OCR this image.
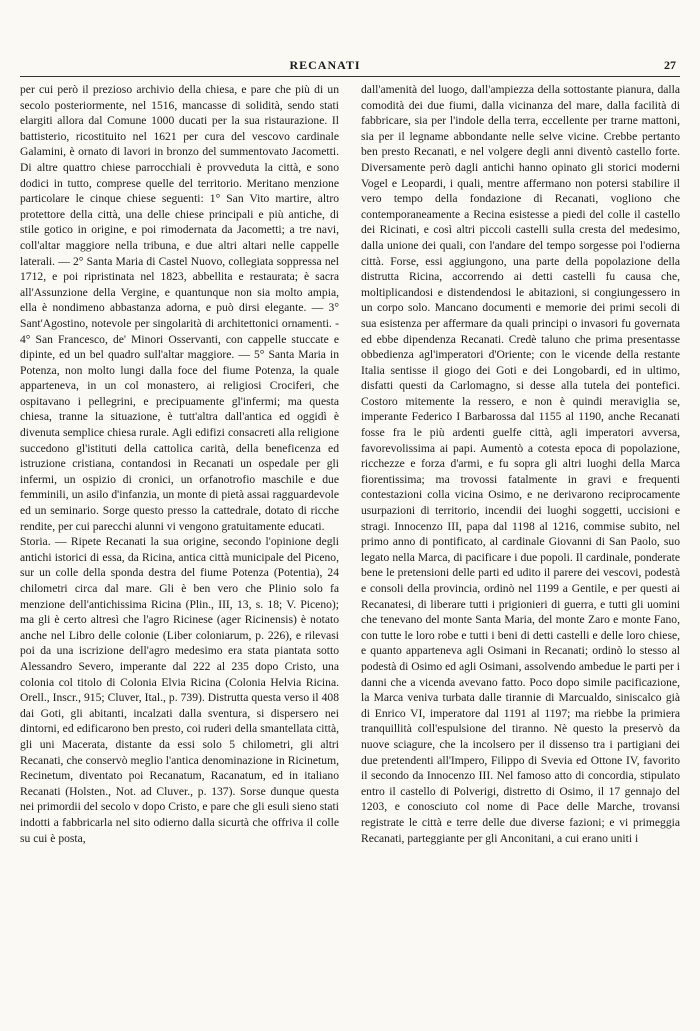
RECANATI	27

per cui però il prezioso archivio della chiesa, e pare che più di un secolo posteriormente, nel 1516, mancasse di solidità, sendo stati elargiti allora dal Comune 1000 ducati per la sua ristaurazione. Il battisterio, ricostituito nel 1621 per cura del vescovo cardinale Galamini, è ornato di lavori in bronzo del summentovato Jacometti. Di altre quattro chiese parrocchiali è provveduta la città, e sono dodici in tutto, comprese quelle del territorio. Meritano menzione particolare le cinque chiese seguenti: 1° San Vito martire, altro protettore della città, una delle chiese principali e più antiche, di stile gotico in origine, e poi rimodernata da Jacometti; a tre navi, coll'altar maggiore nella tribuna, e due altri altari nelle cappelle laterali. — 2° Santa Maria di Castel Nuovo, collegiata soppressa nel 1712, e poi ripristinata nel 1823, abbellita e restaurata; è sacra all'Assunzione della Vergine, e quantunque non sia molto ampia, ella è nondimeno abbastanza adorna, e può dirsi elegante. — 3° Sant'Agostino, notevole per singolarità di architettonici ornamenti. - 4° San Francesco, de' Minori Osservanti, con cappelle stuccate e dipinte, ed un bel quadro sull'altar maggiore. — 5° Santa Maria in Potenza, non molto lungi dalla foce del fiume Potenza, la quale apparteneva, in un col monastero, ai religiosi Crociferi, che ospitavano i pellegrini, e precipuamente gl'infermi; ma questa chiesa, tranne la situazione, è tutt'altra dall'antica ed oggidì è divenuta semplice chiesa rurale. Agli edifizi consacreti alla religione succedono gl'istituti della cattolica carità, della beneficenza ed istruzione cristiana, contandosi in Recanati un ospedale per gli infermi, un ospizio di cronici, un orfanotrofio maschile e due femminili, un asilo d'infanzia, un monte di pietà assai ragguardevole ed un seminario. Sorge questo presso la cattedrale, dotato di ricche rendite, per cui parecchi alunni vi vengono gratuitamente educati.

Storia. — Ripete Recanati la sua origine, secondo l'opinione degli antichi istorici di essa, da Ricina, antica città municipale del Piceno, sur un colle della sponda destra del fiume Potenza (Potentia), 24 chilometri circa dal mare. Gli è ben vero che Plinio solo fa menzione dell'antichissima Ricina (Plin., III, 13, s. 18; V. Piceno); ma gli è certo altresì che l'agro Ricinese (ager Ricinensis) è notato anche nel Libro delle colonie (Liber coloniarum, p. 226), e rilevasi poi da una iscrizione dell'agro medesimo era stata piantata sotto Alessandro Severo, imperante dal 222 al 235 dopo Cristo, una colonia col titolo di Colonia Elvia Ricina (Colonia Helvia Ricina. Orell., Inscr., 915; Cluver, Ital., p. 739). Distrutta questa verso il 408 dai Goti, gli abitanti, incalzati dalla sventura, si dispersero nei dintorni, ed edificarono ben presto, coi ruderi della smantellata città, gli uni Macerata, distante da essi solo 5 chilometri, gli altri Recanati, che conservò meglio l'antica denominazione in Ricinetum, Recinetum, diventato poi Recanatum, Racanatum, ed in italiano Recanati (Holsten., Not. ad Cluver., p. 137). Sorse dunque questa nei primordii del secolo v dopo Cristo, e pare che gli esuli sieno stati indotti a fabbricarla nel sito odierno dalla sicurtà che offriva il colle su cui è posta,

dall'amenità del luogo, dall'ampiezza della sottostante pianura, dalla comodità dei due fiumi, dalla vicinanza del mare, dalla facilità di fabbricare, sia per l'indole della terra, eccellente per trarne mattoni, sia per il legname abbondante nelle selve vicine. Crebbe pertanto ben presto Recanati, e nel volgere degli anni diventò castello forte. Diversamente però dagli antichi hanno opinato gli storici moderni Vogel e Leopardi, i quali, mentre affermano non potersi stabilire il vero tempo della fondazione di Recanati, vogliono che contemporaneamente a Recina esistesse a piedi del colle il castello dei Ricinati, e così altri piccoli castelli sulla cresta del medesimo, dalla unione dei quali, con l'andare del tempo sorgesse poi l'odierna città. Forse, essi aggiungono, una parte della popolazione della distrutta Ricina, accorrendo ai detti castelli fu causa che, moltiplicandosi e distendendosi le abitazioni, si congiungessero in un corpo solo. Mancano documenti e memorie dei primi secoli di sua esistenza per affermare da quali principi o invasori fu governata ed ebbe dipendenza Recanati. Credè taluno che prima presentasse obbedienza agl'imperatori d'Oriente; con le vicende della restante Italia sentisse il giogo dei Goti e dei Longobardi, ed in ultimo, disfatti questi da Carlomagno, si desse alla tutela dei pontefici. Costoro mitemente la ressero, e non è quindi meraviglia se, imperante Federico I Barbarossa dal 1155 al 1190, anche Recanati fosse fra le più ardenti guelfe città, agli imperatori avversa, favorevolissima ai papi. Aumentò a cotesta epoca di popolazione, ricchezze e forza d'armi, e fu sopra gli altri luoghi della Marca fiorentissima; ma trovossi fatalmente in gravi e frequenti contestazioni colla vicina Osimo, e ne derivarono reciprocamente usurpazioni di territorio, incendii dei luoghi soggetti, uccisioni e stragi. Innocenzo III, papa dal 1198 al 1216, commise subito, nel primo anno di pontificato, al cardinale Giovanni di San Paolo, suo legato nella Marca, di pacificare i due popoli. Il cardinale, ponderate bene le pretensioni delle parti ed udito il parere dei vescovi, podestà e consoli della provincia, ordinò nel 1199 a Gentile, e per questi ai Recanatesi, di liberare tutti i prigionieri di guerra, e tutti gli uomini che tenevano del monte Santa Maria, del monte Zaro e monte Fano, con tutte le loro robe e tutti i beni di detti castelli e delle loro chiese, e quanto apparteneva agli Osimani in Recanati; ordinò lo stesso al podestà di Osimo ed agli Osimani, assolvendo ambedue le parti per i danni che a vicenda avevano fatto. Poco dopo simile pacificazione, la Marca veniva turbata dalle tirannie di Marcualdo, siniscalco già di Enrico VI, imperatore dal 1191 al 1197; ma riebbe la primiera tranquillità coll'espulsione del tiranno. Nè questo la preservò da nuove sciagure, che la incolsero per il dissenso tra i partigiani dei due pretendenti all'Impero, Filippo di Svevia ed Ottone IV, favorito il secondo da Innocenzo III. Nel famoso atto di concordia, stipulato entro il castello di Polverigi, distretto di Osimo, il 17 gennajo del 1203, e conosciuto col nome di Pace delle Marche, trovansi registrate le città e terre delle due diverse fazioni; e vi primeggia Recanati, parteggiante per gli Anconitani, a cui erano uniti i
